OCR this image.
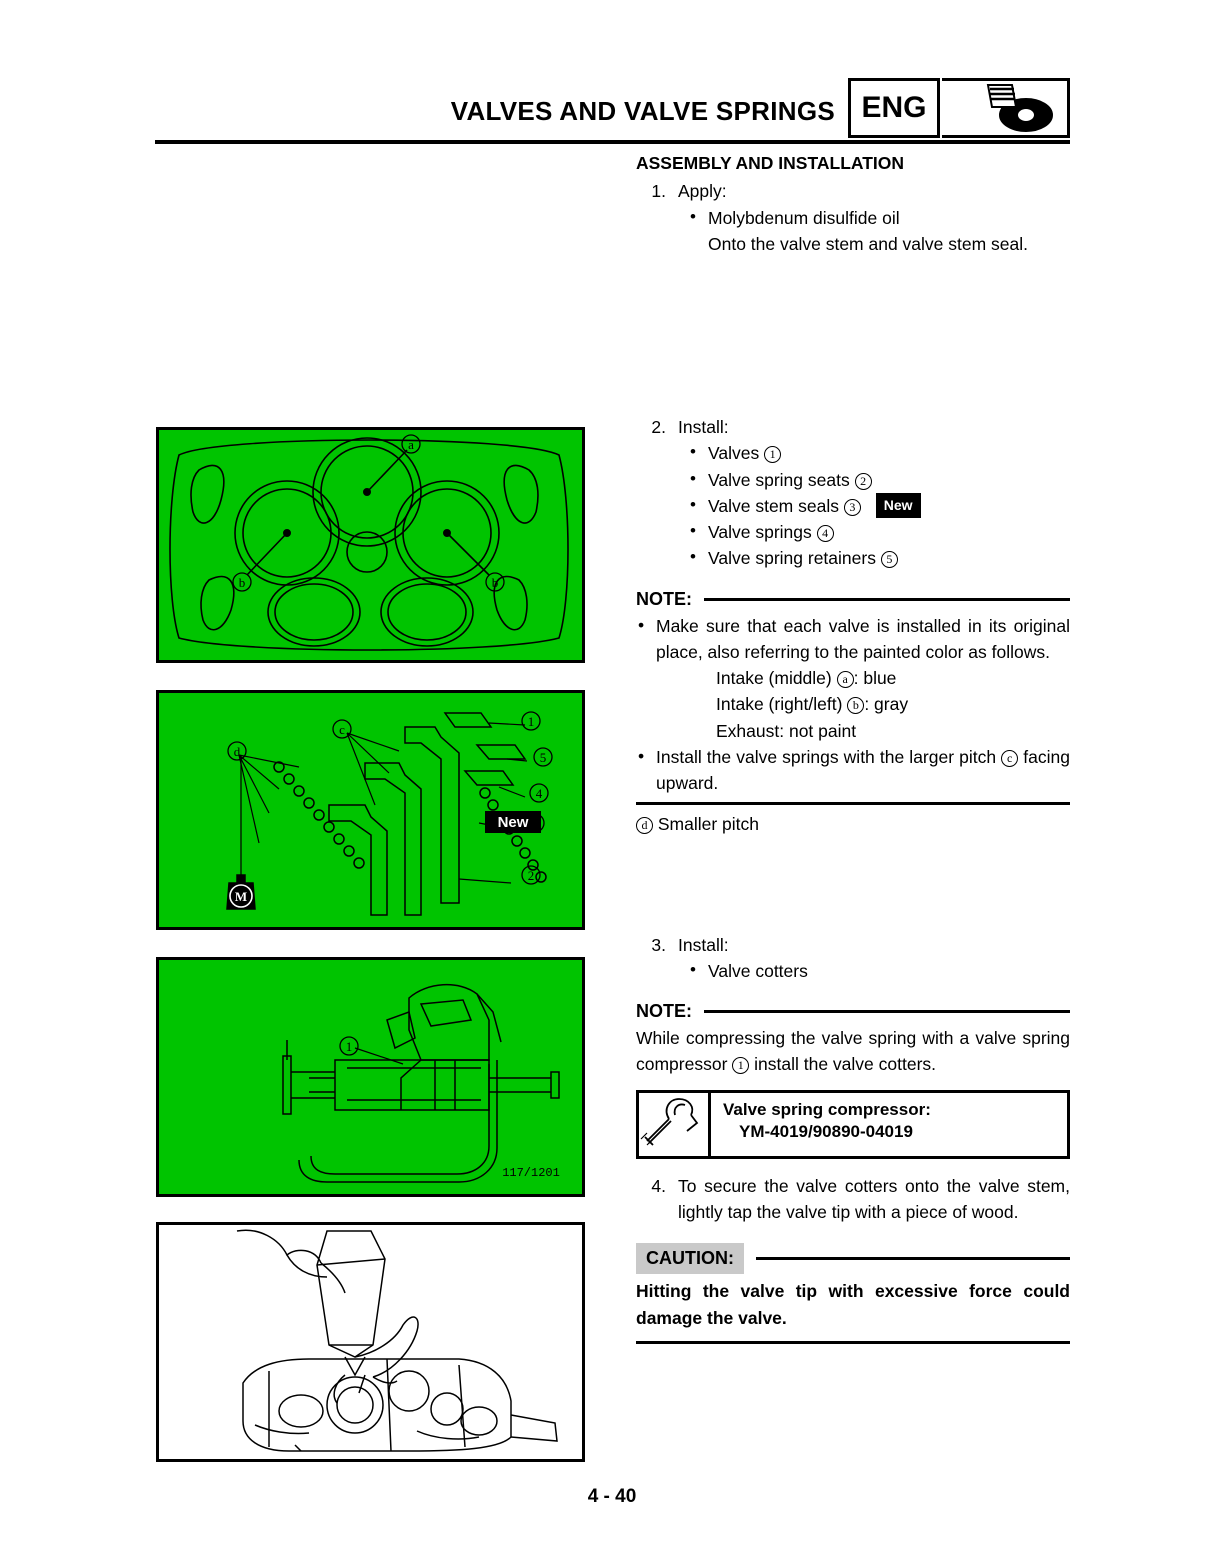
VALVES AND VALVE SPRINGS ENG
a
b	b
1
2
4
5
c
d
M
New
1
117/1201
ASSEMBLY AND INSTALLATION
1. Apply:
• Molybdenum disulfide oil
Onto the valve stem and valve stem seal.
2. Install:
• Valves 1
• Valve spring seats 2
• Valve stem seals 3 New
• Valve springs 4
• Valve spring retainers 5
NOTE:
• Make sure that each valve is installed in its original place, also referring to the painted color as follows.
Intake (middle) a : blue
Intake (right/left) b : gray
Exhaust: not paint
• Install the valve springs with the larger pitch c facing upward.
d Smaller pitch
3. Install:
• Valve cotters
NOTE:
While compressing the valve spring with a valve spring compressor 1 install the valve cotters.
Valve spring compressor:
YM-4019/90890-04019
4. To secure the valve cotters onto the valve stem, lightly tap the valve tip with a piece of wood.
CAUTION:
Hitting the valve tip with excessive force could damage the valve.
4 - 40
